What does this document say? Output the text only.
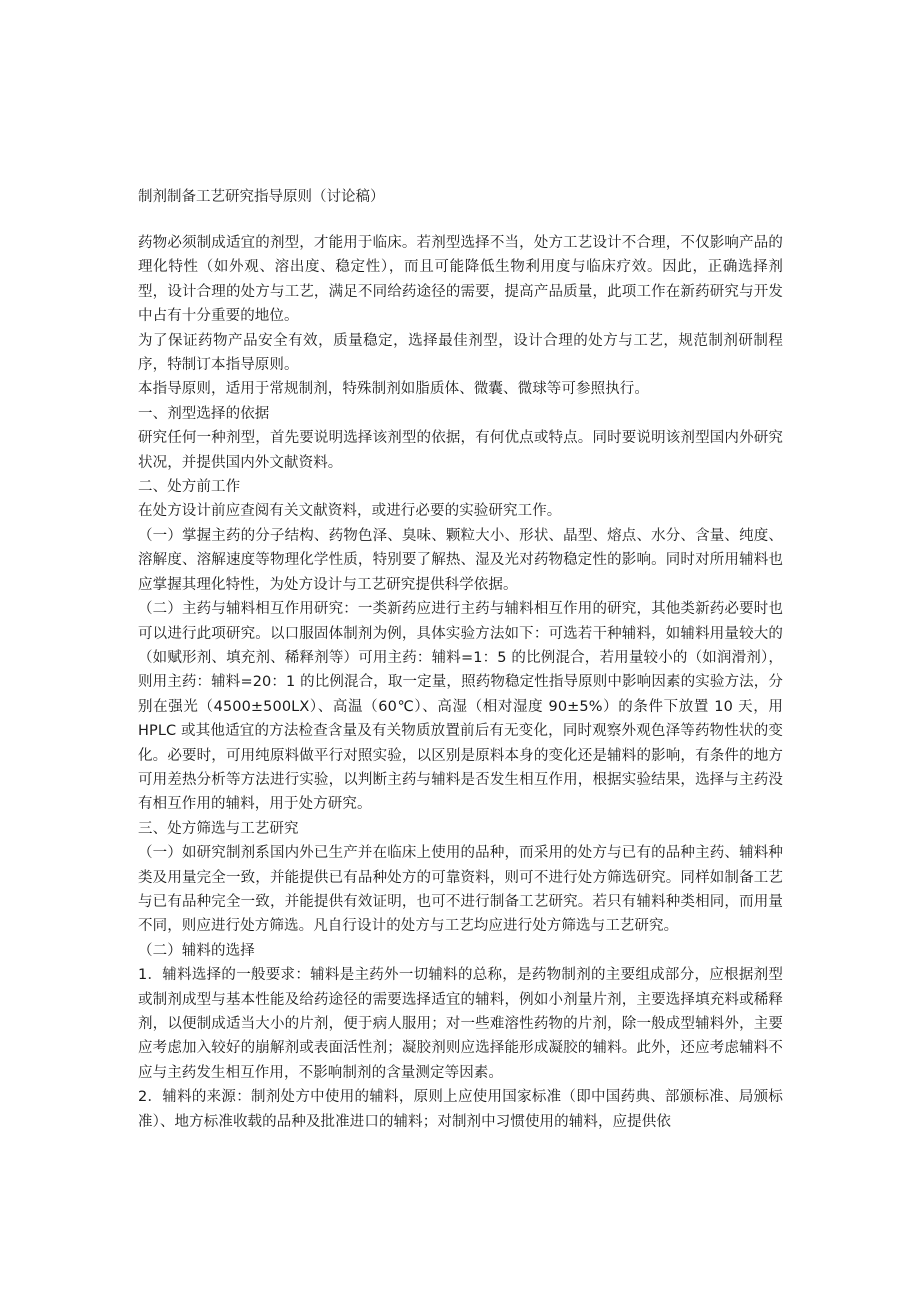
制剂制备工艺研究指导原则（讨论稿）

药物必须制成适宜的剂型，才能用于临床。若剂型选择不当，处方工艺设计不合理，不仅影响产品的理化特性（如外观、溶出度、稳定性），而且可能降低生物利用度与临床疗效。因此，正确选择剂型，设计合理的处方与工艺，满足不同给药途径的需要，提高产品质量，此项工作在新药研究与开发中占有十分重要的地位。

为了保证药物产品安全有效，质量稳定，选择最佳剂型，设计合理的处方与工艺，规范制剂研制程序，特制订本指导原则。

本指导原则，适用于常规制剂，特殊制剂如脂质体、微囊、微球等可参照执行。

一、剂型选择的依据

研究任何一种剂型，首先要说明选择该剂型的依据，有何优点或特点。同时要说明该剂型国内外研究状况，并提供国内外文献资料。

二、处方前工作

在处方设计前应查阅有关文献资料，或进行必要的实验研究工作。

（一）掌握主药的分子结构、药物色泽、臭味、颗粒大小、形状、晶型、熔点、水分、含量、纯度、溶解度、溶解速度等物理化学性质，特别要了解热、湿及光对药物稳定性的影响。同时对所用辅料也应掌握其理化特性，为处方设计与工艺研究提供科学依据。

（二）主药与辅料相互作用研究：一类新药应进行主药与辅料相互作用的研究，其他类新药必要时也可以进行此项研究。以口服固体制剂为例，具体实验方法如下：可选若干种辅料，如辅料用量较大的（如赋形剂、填充剂、稀释剂等）可用主药：辅料=1：5 的比例混合，若用量较小的（如润滑剂），则用主药：辅料=20：1 的比例混合，取一定量，照药物稳定性指导原则中影响因素的实验方法，分别在强光（4500±500LX）、高温（60℃）、高湿（相对湿度 90±5%）的条件下放置 10 天，用 HPLC 或其他适宜的方法检查含量及有关物质放置前后有无变化，同时观察外观色泽等药物性状的变化。必要时，可用纯原料做平行对照实验，以区别是原料本身的变化还是辅料的影响，有条件的地方可用差热分析等方法进行实验，以判断主药与辅料是否发生相互作用，根据实验结果，选择与主药没有相互作用的辅料，用于处方研究。

三、处方筛选与工艺研究

（一）如研究制剂系国内外已生产并在临床上使用的品种，而采用的处方与已有的品种主药、辅料种类及用量完全一致，并能提供已有品种处方的可靠资料，则可不进行处方筛选研究。同样如制备工艺与已有品种完全一致，并能提供有效证明，也可不进行制备工艺研究。若只有辅料种类相同，而用量不同，则应进行处方筛选。凡自行设计的处方与工艺均应进行处方筛选与工艺研究。

（二）辅料的选择

1．辅料选择的一般要求：辅料是主药外一切辅料的总称，是药物制剂的主要组成部分，应根据剂型或制剂成型与基本性能及给药途径的需要选择适宜的辅料，例如小剂量片剂，主要选择填充料或稀释剂，以便制成适当大小的片剂，便于病人服用；对一些难溶性药物的片剂，除一般成型辅料外，主要应考虑加入较好的崩解剂或表面活性剂；凝胶剂则应选择能形成凝胶的辅料。此外，还应考虑辅料不应与主药发生相互作用，不影响制剂的含量测定等因素。

2．辅料的来源：制剂处方中使用的辅料，原则上应使用国家标准（即中国药典、部颁标准、局颁标准）、地方标准收载的品种及批准进口的辅料；对制剂中习惯使用的辅料，应提供依
